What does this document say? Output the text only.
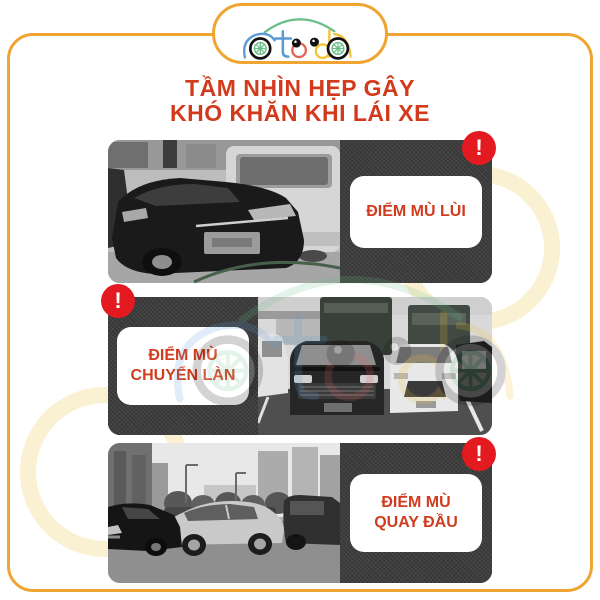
TẦM NHÌN HẸP GÂY
KHÓ KHĂN KHI LÁI XE
ĐIỂM MÙ LÙI
!
ĐIỂM MÙ
CHUYỂN LÀN
!
ĐIỂM MÙ
QUAY ĐẦU
!
